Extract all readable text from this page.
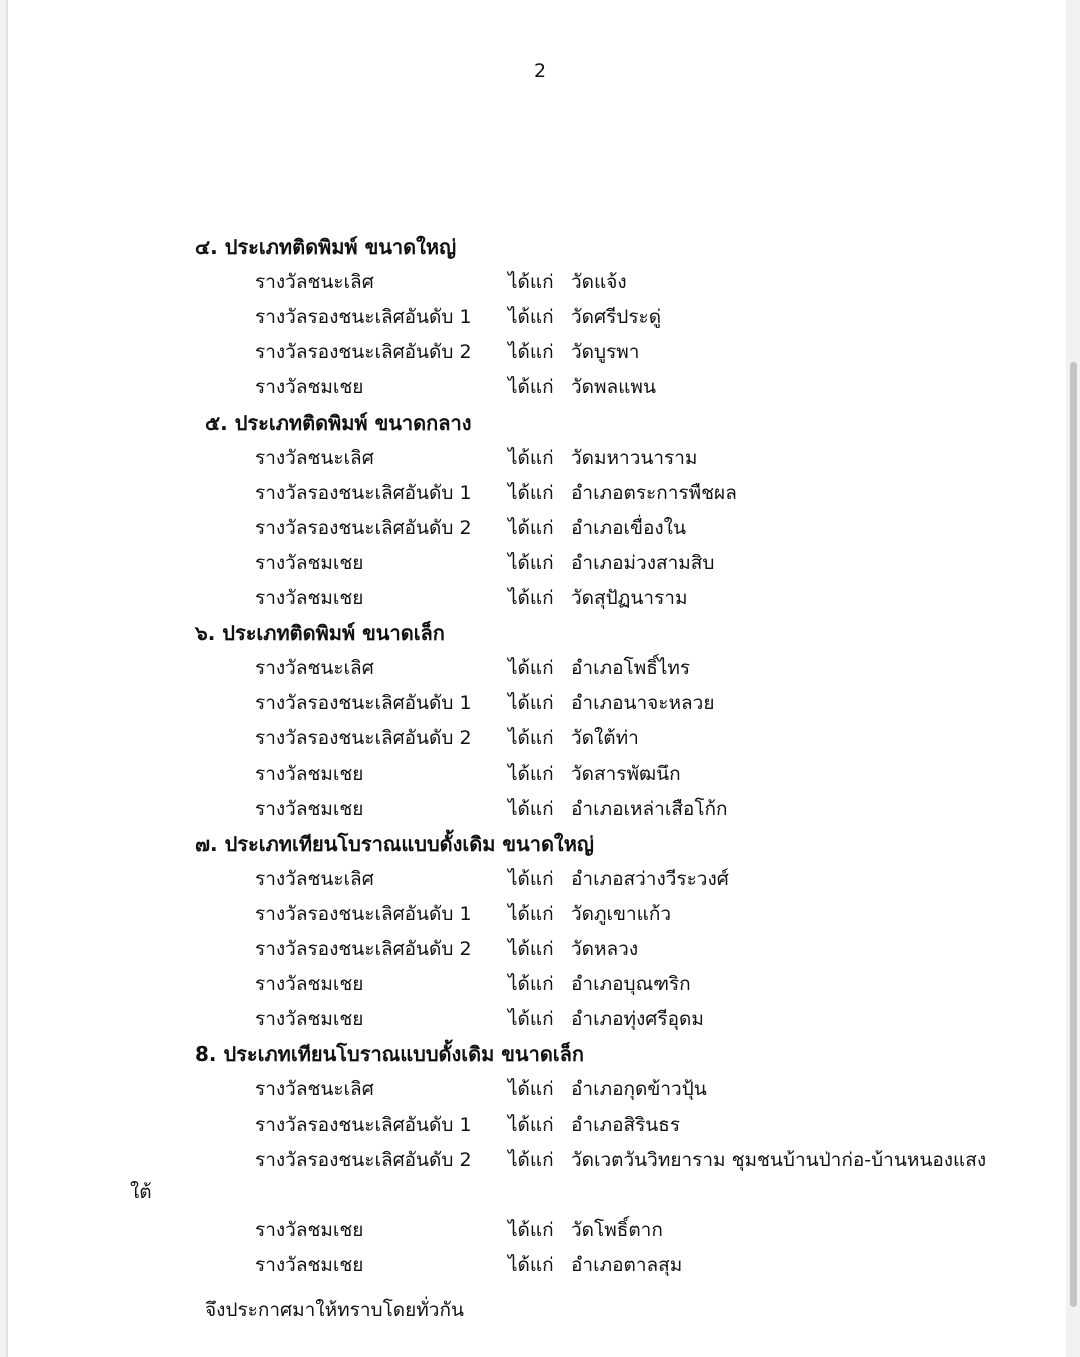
2
๔. ประเภทติดพิมพ์ ขนาดใหญ่
รางวัลชนะเลิศ	ได้แก่ วัดแจ้ง
รางวัลรองชนะเลิศอันดับ 1 ได้แก่ วัดศรีประดู่
รางวัลรองชนะเลิศอันดับ 2 ได้แก่ วัดบูรพา
รางวัลชมเชย	ได้แก่ วัดพลแพน
๕. ประเภทติดพิมพ์ ขนาดกลาง
รางวัลชนะเลิศ	ได้แก่ วัดมหาวนาราม
รางวัลรองชนะเลิศอันดับ 1 ได้แก่ อำเภอตระการพืชผล
รางวัลรองชนะเลิศอันดับ 2 ได้แก่ อำเภอเขื่องใน
รางวัลชมเชย	ได้แก่ อำเภอม่วงสามสิบ
รางวัลชมเชย	ได้แก่ วัดสุปัฏนาราม
๖. ประเภทติดพิมพ์ ขนาดเล็ก
รางวัลชนะเลิศ	ได้แก่ อำเภอโพธิ์ไทร
รางวัลรองชนะเลิศอันดับ 1 ได้แก่ อำเภอนาจะหลวย
รางวัลรองชนะเลิศอันดับ 2 ได้แก่ วัดใต้ท่า
รางวัลชมเชย	ได้แก่ วัดสารพัฒนึก
รางวัลชมเชย	ได้แก่ อำเภอเหล่าเสือโก้ก
๗. ประเภทเทียนโบราณแบบดั้งเดิม ขนาดใหญ่
รางวัลชนะเลิศ	ได้แก่ อำเภอสว่างวีระวงศ์
รางวัลรองชนะเลิศอันดับ 1 ได้แก่ วัดภูเขาแก้ว
รางวัลรองชนะเลิศอันดับ 2 ได้แก่ วัดหลวง
รางวัลชมเชย	ได้แก่ อำเภอบุณฑริก
รางวัลชมเชย	ได้แก่ อำเภอทุ่งศรีอุดม
8. ประเภทเทียนโบราณแบบดั้งเดิม ขนาดเล็ก
รางวัลชนะเลิศ	ได้แก่ อำเภอกุดข้าวปุ้น
รางวัลรองชนะเลิศอันดับ 1 ได้แก่ อำเภอสิรินธร
รางวัลรองชนะเลิศอันดับ 2 ได้แก่ วัดเวตวันวิทยาราม ชุมชนบ้านป่าก่อ-บ้านหนองแสง
ใต้
รางวัลชมเชย	ได้แก่ วัดโพธิ์ตาก
รางวัลชมเชย	ได้แก่ อำเภอตาลสุม
จึงประกาศมาให้ทราบโดยทั่วกัน
